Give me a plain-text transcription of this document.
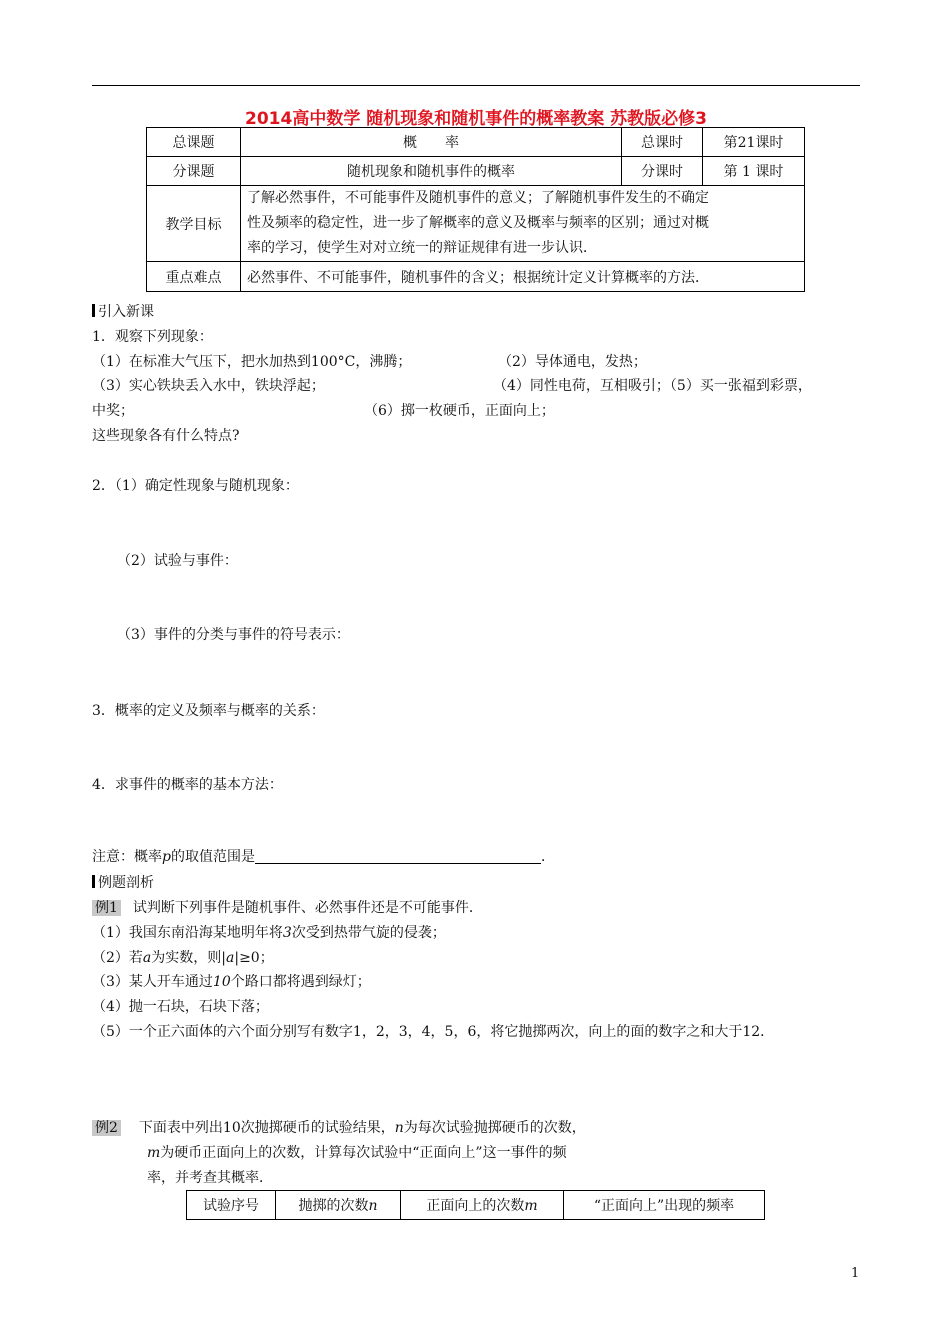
2014高中数学 随机现象和随机事件的概率教案 苏教版必修3
总课题	概　　率	总课时	第21课时
分课题	随机现象和随机事件的概率	分课时	第 1 课时
教学目标	了解必然事件，不可能事件及随机事件的意义；了解随机事件发生的不确定
性及频率的稳定性，进一步了解概率的意义及概率与频率的区别；通过对概
率的学习，使学生对对立统一的辩证规律有进一步认识．		

重点难点	必然事件、不可能事件，随机事件的含义；根据统计定义计算概率的方法．		
引入新课
1．观察下列现象：
（1）在标准大气压下，把水加热到100°C，沸腾；	（2）导体通电，发热；
（3）实心铁块丢入水中，铁块浮起；	（4）同性电荷，互相吸引；（5）买一张福到彩票，
中奖；	（6）掷一枚硬币，正面向上；
这些现象各有什么特点?
2．（1）确定性现象与随机现象：
（2）试验与事件：
（3）事件的分类与事件的符号表示：
3．概率的定义及频率与概率的关系：
4．求事件的概率的基本方法：
注意：概率p的取值范围是	．
例题剖析
例1 试判断下列事件是随机事件、必然事件还是不可能事件．
（1）我国东南沿海某地明年将3次受到热带气旋的侵袭；
（2）若a为实数，则|a|≥0；
（3）某人开车通过10个路口都将遇到绿灯；
（4）抛一石块，石块下落；
（5）一个正六面体的六个面分别写有数字1，2，3，4，5，6，将它抛掷两次，向上的面的数字之和大于12．
例2 下面表中列出10次抛掷硬币的试验结果，n为每次试验抛掷硬币的次数，
m为硬币正面向上的次数，计算每次试验中“正面向上”这一事件的频
率，并考查其概率．
试验序号	抛掷的次数n	正面向上的次数m	“正面向上”出现的频率
1
